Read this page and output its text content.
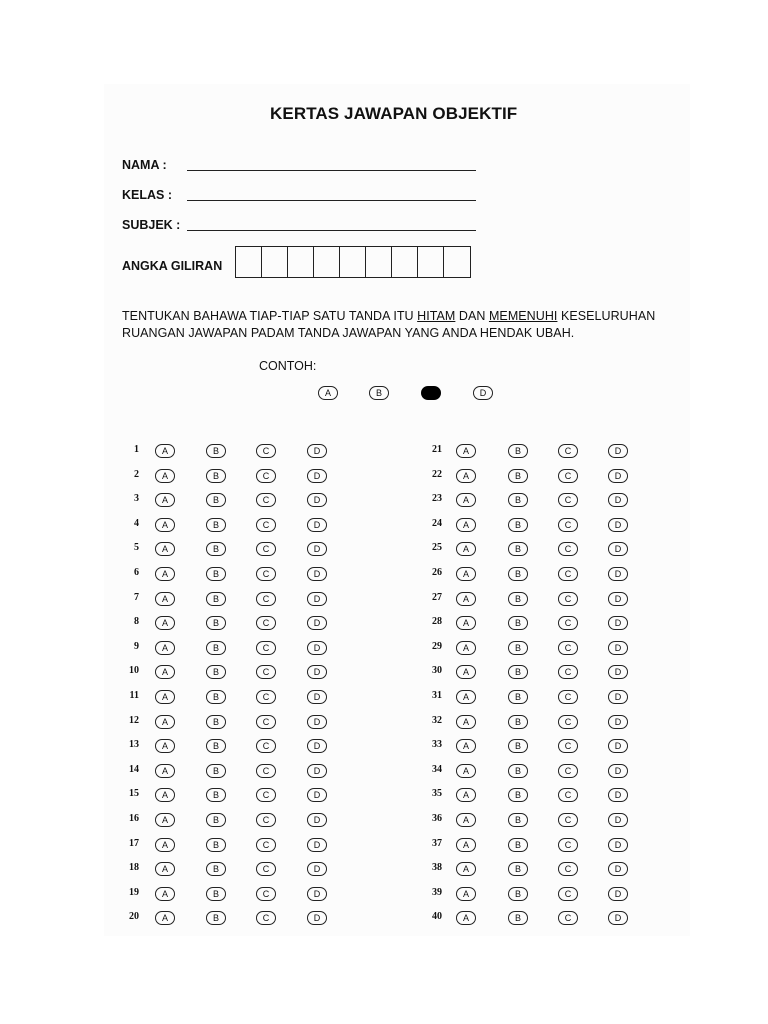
KERTAS JAWAPAN OBJEKTIF
NAMA :
KELAS :
SUBJEK :
ANGKA GILIRAN
TENTUKAN BAHAWA TIAP-TIAP SATU TANDA ITU HITAM DAN MEMENUHI KESELURUHAN
RUANGAN JAWAPAN PADAM TANDA JAWAPAN YANG ANDA HENDAK UBAH.
CONTOH:
A	B	C	D
1	A	B	C	D
2	A	B	C	D
3	A	B	C	D
4	A	B	C	D
5	A	B	C	D
6	A	B	C	D
7	A	B	C	D
8	A	B	C	D
9	A	B	C	D
10	A	B	C	D
11	A	B	C	D
12	A	B	C	D
13	A	B	C	D
14	A	B	C	D
15	A	B	C	D
16	A	B	C	D
17	A	B	C	D
18	A	B	C	D
19	A	B	C	D
20	A	B	C	D
21	A	B	C	D
22	A	B	C	D
23	A	B	C	D
24	A	B	C	D
25	A	B	C	D
26	A	B	C	D
27	A	B	C	D
28	A	B	C	D
29	A	B	C	D
30	A	B	C	D
31	A	B	C	D
32	A	B	C	D
33	A	B	C	D
34	A	B	C	D
35	A	B	C	D
36	A	B	C	D
37	A	B	C	D
38	A	B	C	D
39	A	B	C	D
40	A	B	C	D
